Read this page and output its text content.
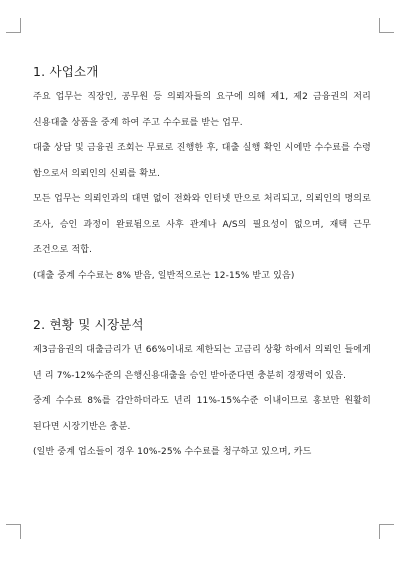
1. 사업소개

주요 업무는 직장인, 공무원 등 의뢰자들의 요구에 의해 제1, 제2 금융권의 저리 신용대출 상품을 중계 하여 주고 수수료를 받는 업무.

대출 상담 및 금융권 조회는 무료로 진행한 후, 대출 실행 확인 시에만 수수료를 수령 함으로서 의뢰인의 신뢰를 확보.

모든 업무는 의뢰인과의 대면 없이 전화와 인터넷 만으로 처리되고, 의뢰인의 명의로 조사, 승인 과정이 완료됨으로 사후 관계나 A/S의 필요성이 없으며, 재택 근무 조건으로 적합.

(대출 중계 수수료는 8% 받음, 일반적으로는 12-15% 받고 있음)

2. 현황 및 시장분석

제3금융권의 대출금리가 년 66%이내로 제한되는 고금리 상황 하에서 의뢰인 들에게 년 리 7%-12%수준의 은행신용대출을 승인 받아준다면 충분히 경쟁력이 있음.

중계 수수료 8%를 감안하더라도 년리 11%-15%수준 이내이므로 홍보만 원활히 된다면 시장기반은 충분.

(일반 중계 업소들이 경우 10%-25% 수수료를 청구하고 있으며, 카드
